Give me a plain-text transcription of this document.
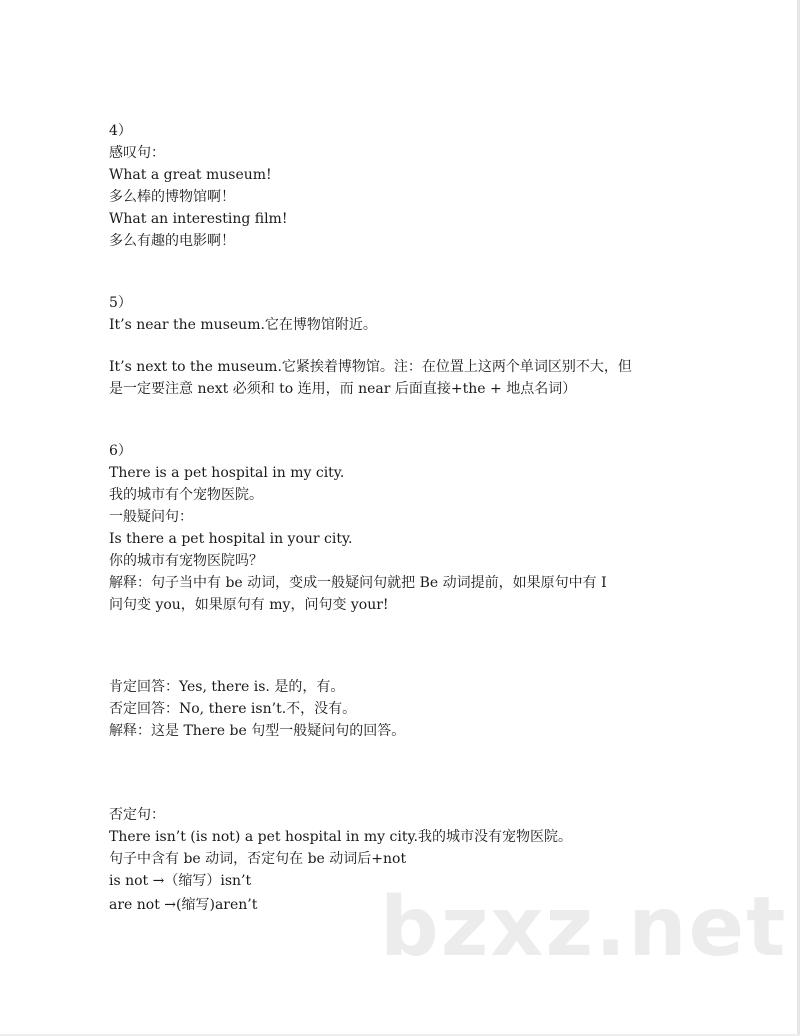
4）
感叹句：
What a great museum!
多么棒的博物馆啊！
What an interesting film!
多么有趣的电影啊！
5）
It’s near the museum.它在博物馆附近。
It’s next to the museum.它紧挨着博物馆。注：在位置上这两个单词区别不大，但
是一定要注意 next 必须和 to 连用，而 near 后面直接+the + 地点名词）
6）
There is a pet hospital in my city.
我的城市有个宠物医院。
一般疑问句：
Is there a pet hospital in your city.
你的城市有宠物医院吗？
解释：句子当中有 be 动词，变成一般疑问句就把 Be 动词提前，如果原句中有 I
问句变 you，如果原句有 my，问句变 your!
肯定回答：Yes, there is. 是的，有。
否定回答：No, there isn’t.不，没有。
解释：这是 There be 句型一般疑问句的回答。
否定句：
There isn’t (is not) a pet hospital in my city.我的城市没有宠物医院。
句子中含有 be 动词，否定句在 be 动词后+not
is not →（缩写）isn’t
are not →(缩写)aren’t bzxz.net
